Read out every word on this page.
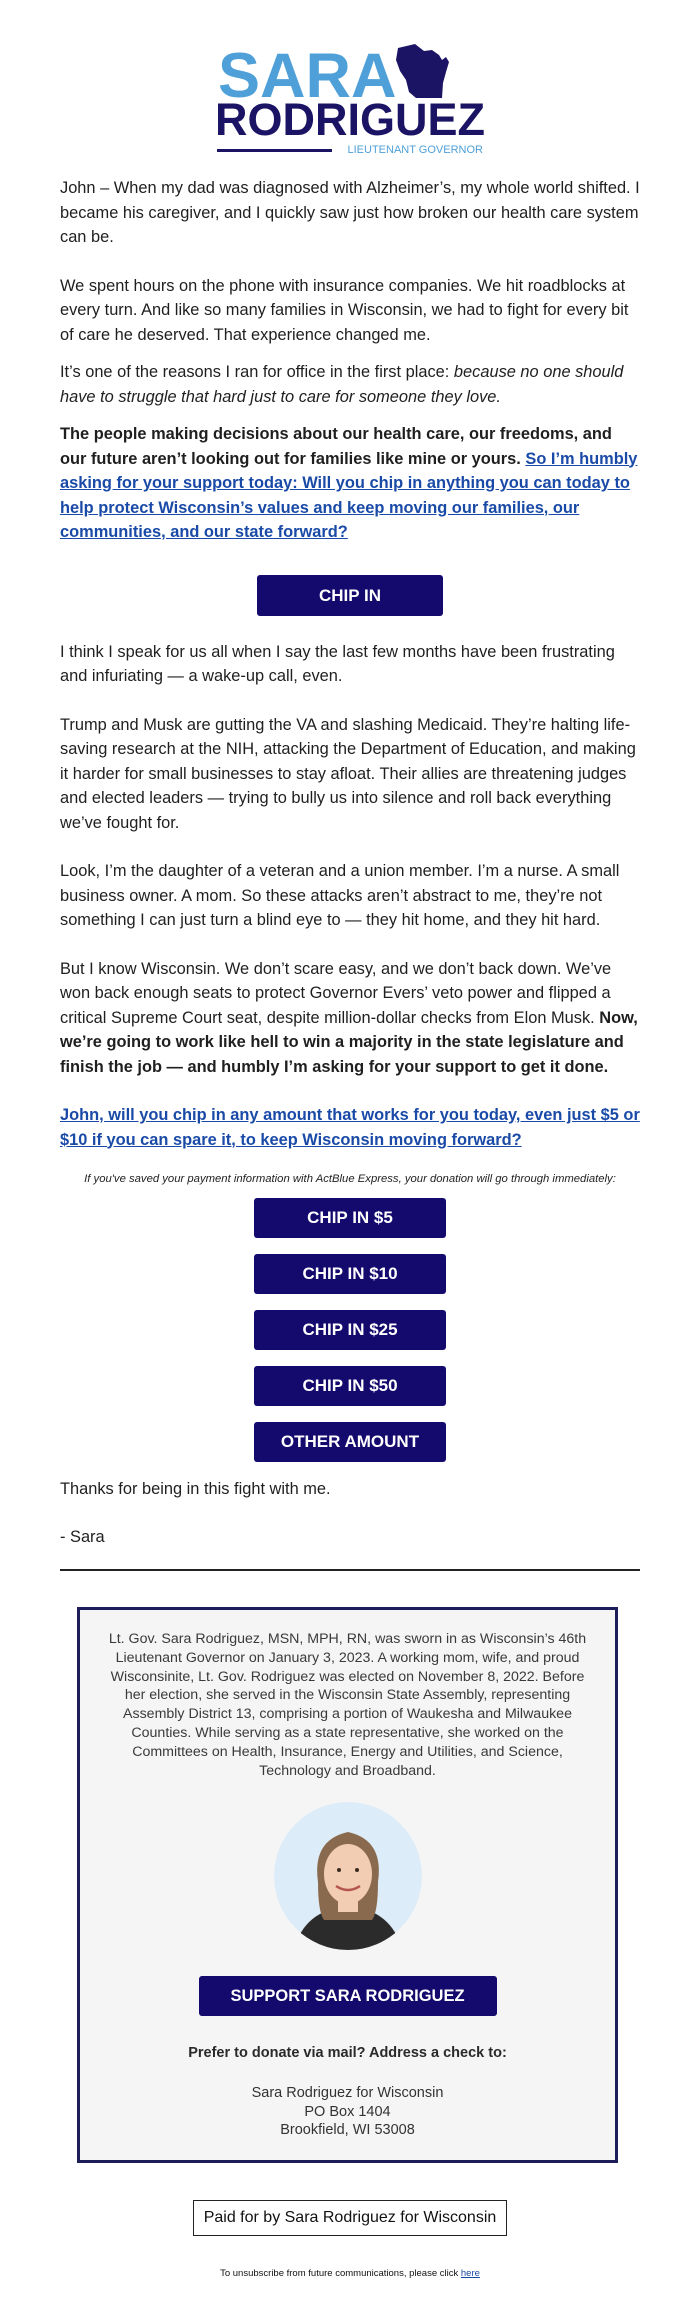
SARA
RODRIGUEZ
LIEUTENANT GOVERNOR

John – When my dad was diagnosed with Alzheimer’s, my whole world shifted. I became his caregiver, and I quickly saw just how broken our health care system can be.

We spent hours on the phone with insurance companies. We hit roadblocks at every turn. And like so many families in Wisconsin, we had to fight for every bit of care he deserved. That experience changed me.

It’s one of the reasons I ran for office in the first place: because no one should have to struggle that hard just to care for someone they love.

The people making decisions about our health care, our freedoms, and our future aren’t looking out for families like mine or yours. So I’m humbly asking for your support today: Will you chip in anything you can today to help protect Wisconsin’s values and keep moving our families, our communities, and our state forward?

CHIP IN

I think I speak for us all when I say the last few months have been frustrating and infuriating — a wake-up call, even.

Trump and Musk are gutting the VA and slashing Medicaid. They’re halting life-saving research at the NIH, attacking the Department of Education, and making it harder for small businesses to stay afloat. Their allies are threatening judges and elected leaders — trying to bully us into silence and roll back everything we’ve fought for.

Look, I’m the daughter of a veteran and a union member. I’m a nurse. A small business owner. A mom. So these attacks aren’t abstract to me, they’re not something I can just turn a blind eye to — they hit home, and they hit hard.

But I know Wisconsin. We don’t scare easy, and we don’t back down. We’ve won back enough seats to protect Governor Evers’ veto power and flipped a critical Supreme Court seat, despite million-dollar checks from Elon Musk. Now, we’re going to work like hell to win a majority in the state legislature and finish the job — and humbly I’m asking for your support to get it done.

John, will you chip in any amount that works for you today, even just $5 or $10 if you can spare it, to keep Wisconsin moving forward?

If you've saved your payment information with ActBlue Express, your donation will go through immediately:

CHIP IN $5
CHIP IN $10
CHIP IN $25
CHIP IN $50
OTHER AMOUNT

Thanks for being in this fight with me.

- Sara

Lt. Gov. Sara Rodriguez, MSN, MPH, RN, was sworn in as Wisconsin’s 46th Lieutenant Governor on January 3, 2023. A working mom, wife, and proud Wisconsinite, Lt. Gov. Rodriguez was elected on November 8, 2022. Before her election, she served in the Wisconsin State Assembly, representing Assembly District 13, comprising a portion of Waukesha and Milwaukee Counties. While serving as a state representative, she worked on the Committees on Health, Insurance, Energy and Utilities, and Science, Technology and Broadband.

SUPPORT SARA RODRIGUEZ
Prefer to donate via mail? Address a check to:
Sara Rodriguez for Wisconsin
PO Box 1404
Brookfield, WI 53008
Paid for by Sara Rodriguez for Wisconsin
To unsubscribe from future communications, please click here
